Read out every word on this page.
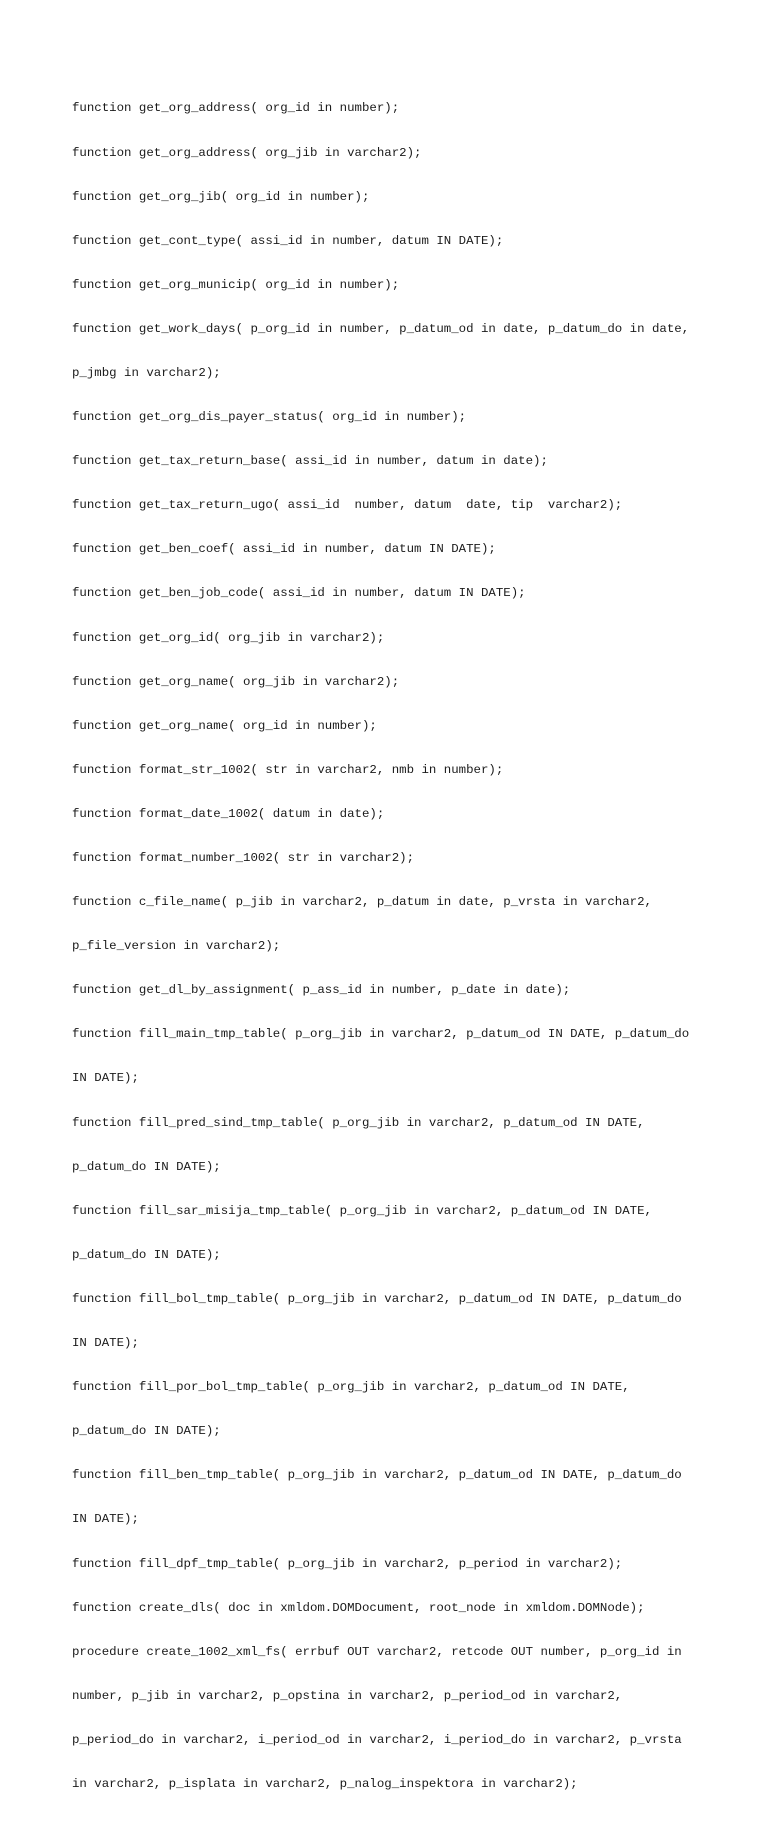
function get_org_address( org_id in number);

function get_org_address( org_jib in varchar2);

function get_org_jib( org_id in number);

function get_cont_type( assi_id in number, datum IN DATE);

function get_org_municip( org_id in number);

function get_work_days( p_org_id in number, p_datum_od in date, p_datum_do in date,

p_jmbg in varchar2);

function get_org_dis_payer_status( org_id in number);

function get_tax_return_base( assi_id in number, datum in date);

function get_tax_return_ugo( assi_id  number, datum  date, tip  varchar2);

function get_ben_coef( assi_id in number, datum IN DATE);

function get_ben_job_code( assi_id in number, datum IN DATE);

function get_org_id( org_jib in varchar2);

function get_org_name( org_jib in varchar2);

function get_org_name( org_id in number);

function format_str_1002( str in varchar2, nmb in number);

function format_date_1002( datum in date);

function format_number_1002( str in varchar2);

function c_file_name( p_jib in varchar2, p_datum in date, p_vrsta in varchar2,

p_file_version in varchar2);

function get_dl_by_assignment( p_ass_id in number, p_date in date);

function fill_main_tmp_table( p_org_jib in varchar2, p_datum_od IN DATE, p_datum_do

IN DATE);

function fill_pred_sind_tmp_table( p_org_jib in varchar2, p_datum_od IN DATE,

p_datum_do IN DATE);

function fill_sar_misija_tmp_table( p_org_jib in varchar2, p_datum_od IN DATE,

p_datum_do IN DATE);

function fill_bol_tmp_table( p_org_jib in varchar2, p_datum_od IN DATE, p_datum_do

IN DATE);

function fill_por_bol_tmp_table( p_org_jib in varchar2, p_datum_od IN DATE,

p_datum_do IN DATE);

function fill_ben_tmp_table( p_org_jib in varchar2, p_datum_od IN DATE, p_datum_do

IN DATE);

function fill_dpf_tmp_table( p_org_jib in varchar2, p_period in varchar2);

function create_dls( doc in xmldom.DOMDocument, root_node in xmldom.DOMNode);

procedure create_1002_xml_fs( errbuf OUT varchar2, retcode OUT number, p_org_id in

number, p_jib in varchar2, p_opstina in varchar2, p_period_od in varchar2,

p_period_do in varchar2, i_period_od in varchar2, i_period_do in varchar2, p_vrsta

in varchar2, p_isplata in varchar2, p_nalog_inspektora in varchar2);
